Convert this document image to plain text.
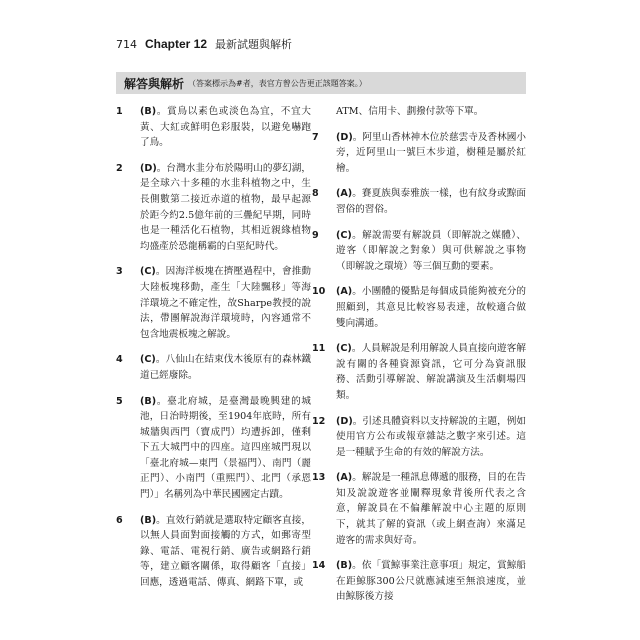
714 Chapter 12 最新試題與解析
解答與解析 （答案標示為#者，表官方曾公告更正該題答案。）
1	(B)。賞鳥以素色或淡色為宜，不宜大黃、大紅或鮮明色彩服裝，以避免嚇跑了鳥。
2	(D)。台灣水韭分布於陽明山的夢幻湖，是全球六十多種的水韭科植物之中，生長側數第二接近赤道的植物，最早起源於距今約2.5億年前的三疊紀早期，同時也是一種活化石植物，其相近親緣植物均盛產於恐龍稱霸的白堊紀時代。
3	(C)。因海洋板塊在擠壓過程中，會推動大陸板塊移動，產生「大陸飄移」等海洋環境之不確定性，故Sharpe教授的說法，帶團解說海洋環境時，內容通常不包含地震板塊之解說。
4	(C)。八仙山在結束伐木後原有的森林鐵道已經廢除。
5	(B)。臺北府城，是臺灣最晚興建的城池，日治時期後，至1904年底時，所有城牆與西門（寶成門）均遭拆卸，僅剩下五大城門中的四座。這四座城門現以「臺北府城—東門（景福門）、南門（麗正門）、小南門（重熙門）、北門（承恩門）」名稱列為中華民國國定古蹟。
6	(B)。直效行銷就是選取特定顧客直接，以無人員面對面接觸的方式，如郵寄型錄、電話、電視行銷、廣告或網路行銷等，建立顧客關係，取得顧客「直接」回應，透過電話、傳真、網路下單，或
ATM、信用卡、劃撥付款等下單。
7	(D)。阿里山香林神木位於慈雲寺及香林國小旁，近阿里山一號巨木步道，樹種是屬於紅檜。
8	(A)。賽夏族與泰雅族一樣，也有紋身或黥面習俗的習俗。
9	(C)。解說需要有解說員（即解說之媒體）、遊客（即解說之對象）與可供解說之事物（即解說之環境）等三個互動的要素。
10	(A)。小團體的優點是每個成員能夠被充分的照顧到，其意見比較容易表達，故較適合做雙向溝通。
11	(C)。人員解說是利用解說人員直接向遊客解說有關的各種資源資訊，它可分為資訊服務、活動引導解說、解說講演及生活劇場四類。
12	(D)。引述具體資料以支持解說的主題，例如使用官方公布或報章雜誌之數字來引述。這是一種賦予生命的有效的解說方法。
13	(A)。解說是一種訊息傳遞的服務，目的在告知及說說遊客並闡釋現象背後所代表之含意，解說員在不偏離解說中心主題的原則下，就其了解的資訊（或上網查詢）來滿足遊客的需求與好奇。
14	(B)。依「賞鯨事業注意事項」規定，賞鯨船在距鯨豚300公尺就應減速至無浪速度，並由鯨豚後方接
